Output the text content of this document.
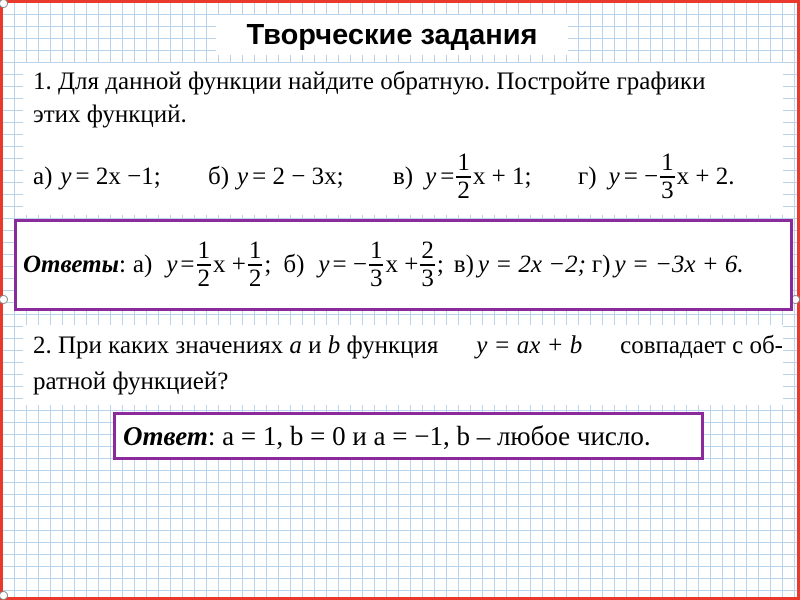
Творческие задания
1. Для данной функции найдите обратную. Постройте графики
этих функций.
а) y = 2x −1; б) y = 2 − 3x; в) $y = \frac{1}{2}$ x + 1; г) y = − $\frac{1}{3}$ x + 2.
Ответы : а) $y = \frac{1}{2}$ $x + \frac{1}{2}$ ; б) y = − $\frac{1}{3}$ $x + \frac{2}{3}$ ; в) y = 2x −2; г) y = −3x + 6.
2. При каких значениях a и b функция y = ax + b совпадает с об-
ратной функцией?
Ответ : a = 1, b = 0 и a = −1, b – любое число.
